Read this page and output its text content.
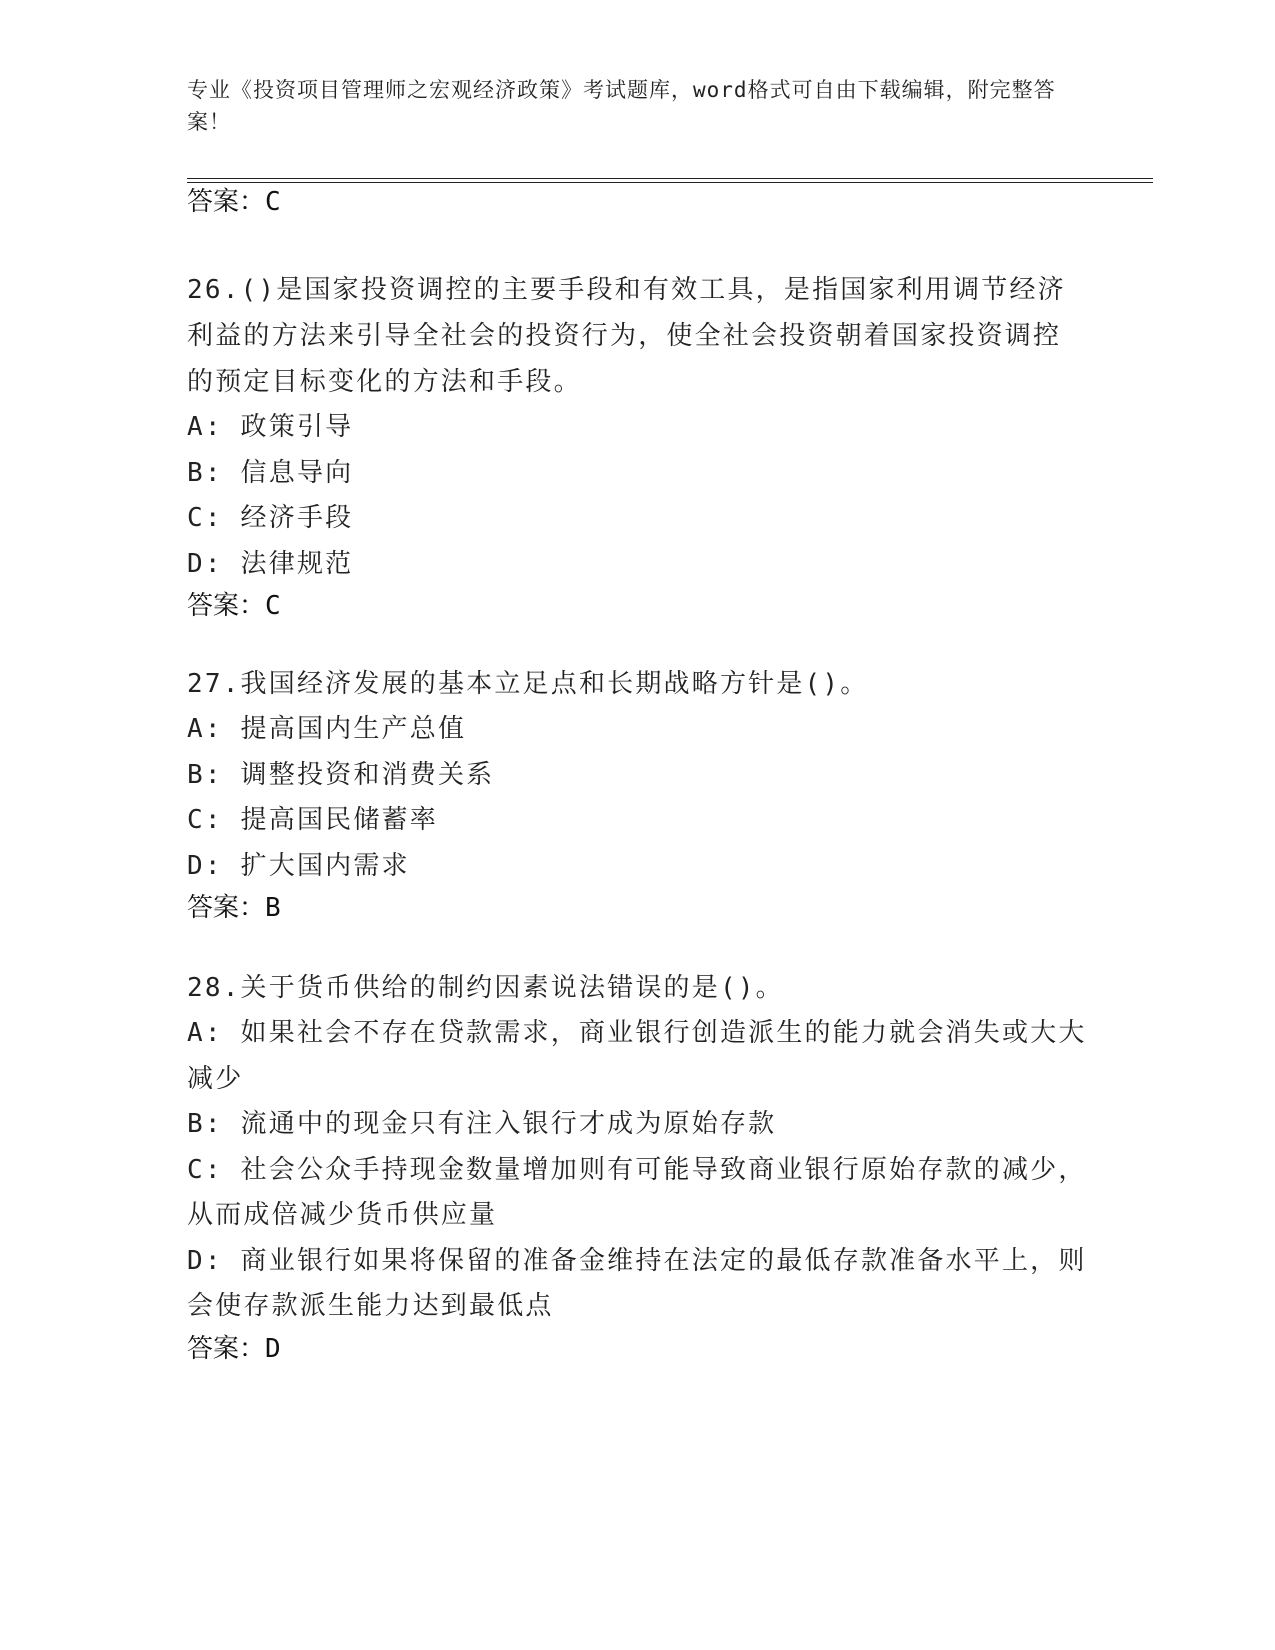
专业《投资项目管理师之宏观经济政策》考试题库，word格式可自由下载编辑，附完整答案！
答案：C
26.()是国家投资调控的主要手段和有效工具，是指国家利用调节经济利益的方法来引导全社会的投资行为，使全社会投资朝着国家投资调控的预定目标变化的方法和手段。
A: 政策引导
B: 信息导向
C: 经济手段
D: 法律规范
答案：C
27.我国经济发展的基本立足点和长期战略方针是()。
A: 提高国内生产总值
B: 调整投资和消费关系
C: 提高国民储蓄率
D: 扩大国内需求
答案：B
28.关于货币供给的制约因素说法错误的是()。
A: 如果社会不存在贷款需求，商业银行创造派生的能力就会消失或大大减少
B: 流通中的现金只有注入银行才成为原始存款
C: 社会公众手持现金数量增加则有可能导致商业银行原始存款的减少，从而成倍减少货币供应量
D: 商业银行如果将保留的准备金维持在法定的最低存款准备水平上，则会使存款派生能力达到最低点
答案：D
